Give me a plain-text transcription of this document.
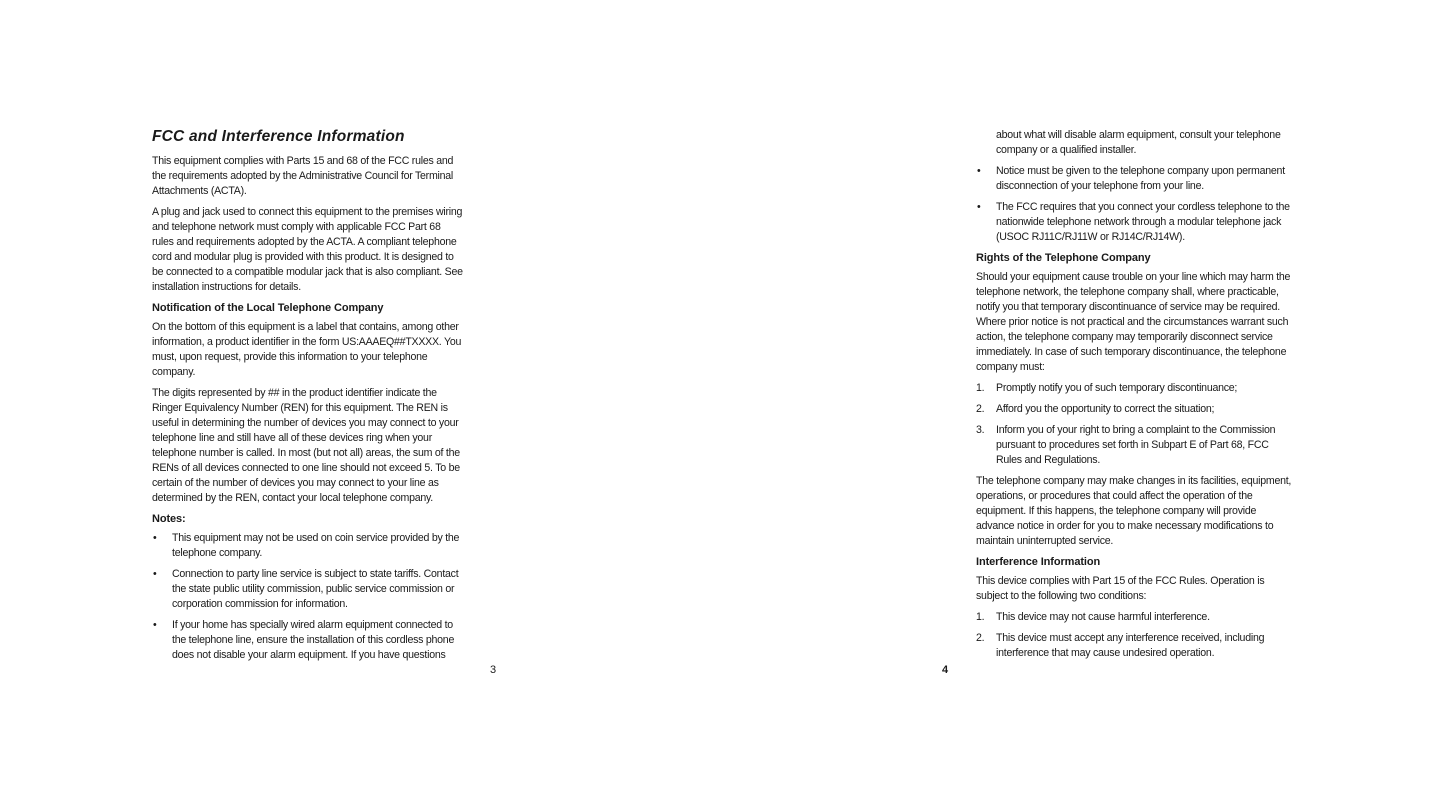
FCC and Interference Information

This equipment complies with Parts 15 and 68 of the FCC rules and the requirements adopted by the Administrative Council for Terminal Attachments (ACTA).

A plug and jack used to connect this equipment to the premises wiring and telephone network must comply with applicable FCC Part 68 rules and requirements adopted by the ACTA. A compliant telephone cord and modular plug is provided with this product. It is designed to be connected to a compatible modular jack that is also compliant. See installation instructions for details.

Notification of the Local Telephone Company

On the bottom of this equipment is a label that contains, among other information, a product identifier in the form US:AAAEQ##TXXXX. You must, upon request, provide this information to your telephone company.

The digits represented by ## in the product identifier indicate the Ringer Equivalency Number (REN) for this equipment. The REN is useful in determining the number of devices you may connect to your telephone line and still have all of these devices ring when your telephone number is called. In most (but not all) areas, the sum of the RENs of all devices connected to one line should not exceed 5. To be certain of the number of devices you may connect to your line as determined by the REN, contact your local telephone company.

Notes:
• This equipment may not be used on coin service provided by the telephone company.
• Connection to party line service is subject to state tariffs. Contact the state public utility commission, public service commission or corporation commission for information.
• If your home has specially wired alarm equipment connected to the telephone line, ensure the installation of this cordless phone does not disable your alarm equipment. If you have questions
3

about what will disable alarm equipment, consult your telephone company or a qualified installer.

• Notice must be given to the telephone company upon permanent disconnection of your telephone from your line.
• The FCC requires that you connect your cordless telephone to the nationwide telephone network through a modular telephone jack (USOC RJ11C/RJ11W or RJ14C/RJ14W).
Rights of the Telephone Company

Should your equipment cause trouble on your line which may harm the telephone network, the telephone company shall, where practicable, notify you that temporary discontinuance of service may be required. Where prior notice is not practical and the circumstances warrant such action, the telephone company may temporarily disconnect service immediately. In case of such temporary discontinuance, the telephone company must:

1. Promptly notify you of such temporary discontinuance;
2. Afford you the opportunity to correct the situation;
3. Inform you of your right to bring a complaint to the Commission pursuant to procedures set forth in Subpart E of Part 68, FCC Rules and Regulations.

The telephone company may make changes in its facilities, equipment, operations, or procedures that could affect the operation of the equipment. If this happens, the telephone company will provide advance notice in order for you to make necessary modifications to maintain uninterrupted service.

Interference Information

This device complies with Part 15 of the FCC Rules. Operation is subject to the following two conditions:

1. This device may not cause harmful interference.
2. This device must accept any interference received, including interference that may cause undesired operation.
4
